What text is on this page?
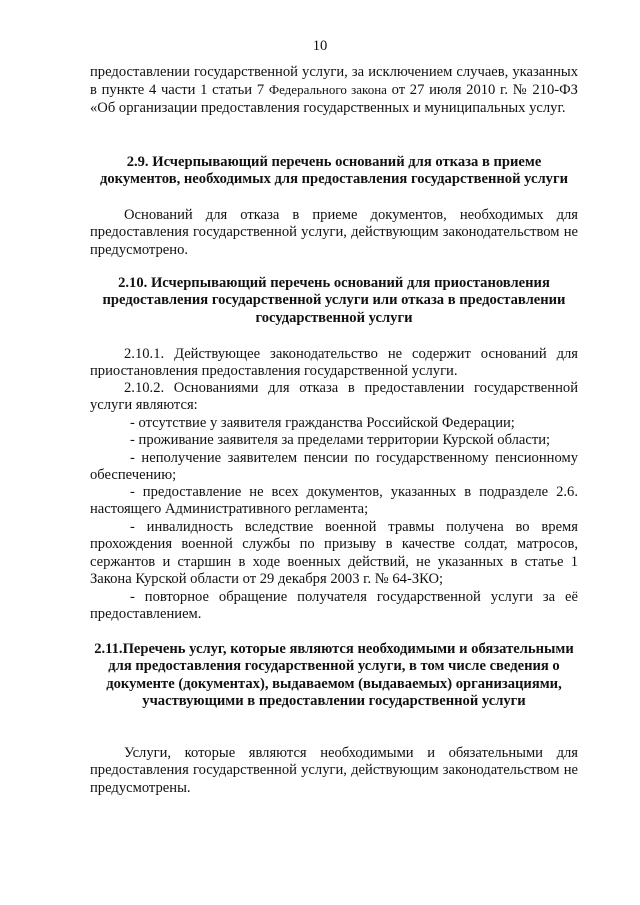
10

предоставлении государственной услуги, за исключением случаев, указанных в пункте 4 части 1 статьи 7 Федерального закона от 27 июля 2010 г. № 210-ФЗ «Об организации предоставления государственных и муниципальных услуг.

2.9. Исчерпывающий перечень оснований для отказа в приеме документов, необходимых для предоставления государственной услуги

Оснований для отказа в приеме документов, необходимых для предоставления государственной услуги, действующим законодательством не предусмотрено.

2.10. Исчерпывающий перечень оснований для приостановления предоставления государственной услуги или отказа в предоставлении государственной услуги

2.10.1. Действующее законодательство не содержит оснований для приостановления предоставления государственной услуги.

2.10.2. Основаниями для отказа в предоставлении государственной услуги являются:

- отсутствие у заявителя гражданства Российской Федерации;

- проживание заявителя за пределами территории Курской области;

- неполучение заявителем пенсии по государственному пенсионному обеспечению;

- предоставление не всех документов, указанных в подразделе 2.6. настоящего Административного регламента;

- инвалидность вследствие военной травмы получена во время прохождения военной службы по призыву в качестве солдат, матросов, сержантов и старшин в ходе военных действий, не указанных в статье 1 Закона Курской области от 29 декабря 2003 г. № 64-ЗКО;

- повторное обращение получателя государственной услуги за её предоставлением.

2.11.Перечень услуг, которые являются необходимыми и обязательными для предоставления государственной услуги, в том числе сведения о документе (документах), выдаваемом (выдаваемых) организациями, участвующими в предоставлении государственной услуги

Услуги, которые являются необходимыми и обязательными для предоставления государственной услуги, действующим законодательством не предусмотрены.
